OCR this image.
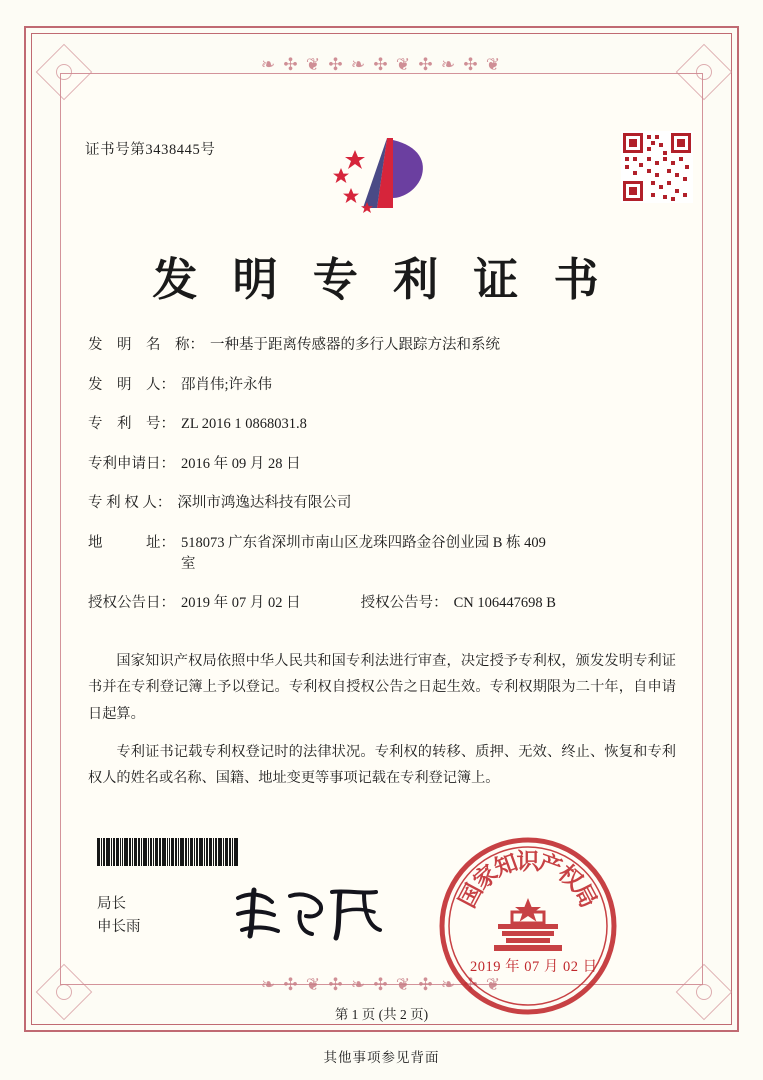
❧ ✣ ❦ ✣ ❧ ✣ ❦ ✣ ❧ ✣ ❦
❧ ✣ ❦ ✣ ❧ ✣ ❦ ✣ ❧ ✣ ❦
证书号第3438445号
发 明 专 利 证 书
发　明　名　称 ： 一种基于距离传感器的多行人跟踪方法和系统
发　明　人 ： 邵肖伟;许永伟
专　利　号 ： ZL 2016 1 0868031.8
专利申请日 ： 2016 年 09 月 28 日
专 利 权 人 ： 深圳市鸿逸达科技有限公司
地　　　址 ： 518073 广东省深圳市南山区龙珠四路金谷创业园 B 栋 409
室
授权公告日 ： 2019 年 07 月 02 日	授权公告号 ： CN 106447698 B

国家知识产权局依照中华人民共和国专利法进行审查，决定授予专利权，颁发发明专利证书并在专利登记簿上予以登记。专利权自授权公告之日起生效。专利权期限为二十年，自申请日起算。

专利证书记载专利权登记时的法律状况。专利权的转移、质押、无效、终止、恢复和专利权人的姓名或名称、国籍、地址变更等事项记载在专利登记簿上。

局长
申长雨
国
家
知
识
产
权
局
2019 年 07 月 02 日
第 1 页 (共 2 页)
其他事项参见背面
